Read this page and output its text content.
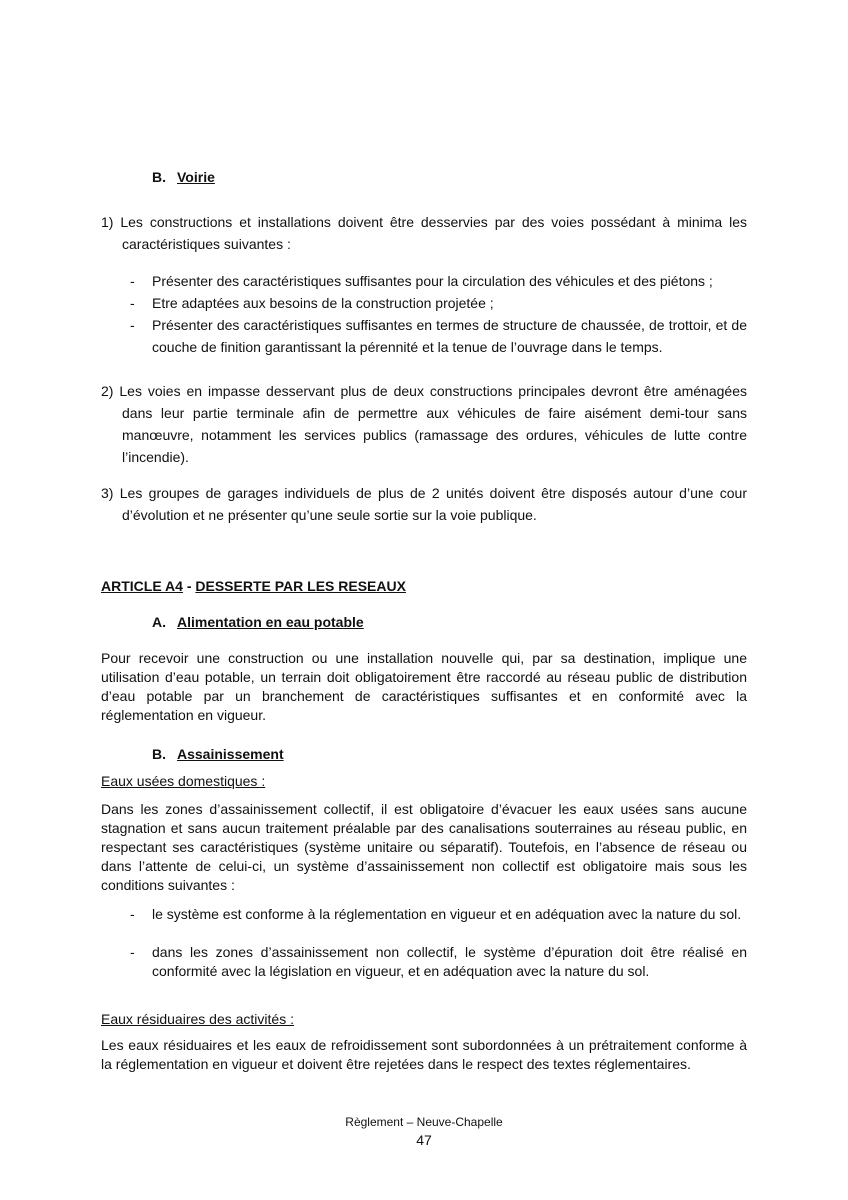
B. Voirie
1) Les constructions et installations doivent être desservies par des voies possédant à minima les caractéristiques suivantes :
- Présenter des caractéristiques suffisantes pour la circulation des véhicules et des piétons ;
- Etre adaptées aux besoins de la construction projetée ;
- Présenter des caractéristiques suffisantes en termes de structure de chaussée, de trottoir, et de couche de finition garantissant la pérennité et la tenue de l’ouvrage dans le temps.
2) Les voies en impasse desservant plus de deux constructions principales devront être aménagées dans leur partie terminale afin de permettre aux véhicules de faire aisément demi-tour sans manœuvre, notamment les services publics (ramassage des ordures, véhicules de lutte contre l’incendie).
3) Les groupes de garages individuels de plus de 2 unités doivent être disposés autour d’une cour d’évolution et ne présenter qu’une seule sortie sur la voie publique.
ARTICLE A4 - DESSERTE PAR LES RESEAUX
A. Alimentation en eau potable
Pour recevoir une construction ou une installation nouvelle qui, par sa destination, implique une utilisation d’eau potable, un terrain doit obligatoirement être raccordé au réseau public de distribution d’eau potable par un branchement de caractéristiques suffisantes et en conformité avec la réglementation en vigueur.
B. Assainissement
Eaux usées domestiques :
Dans les zones d’assainissement collectif, il est obligatoire d’évacuer les eaux usées sans aucune stagnation et sans aucun traitement préalable par des canalisations souterraines au réseau public, en respectant ses caractéristiques (système unitaire ou séparatif). Toutefois, en l’absence de réseau ou dans l’attente de celui-ci, un système d’assainissement non collectif est obligatoire mais sous les conditions suivantes :
- le système est conforme à la réglementation en vigueur et en adéquation avec la nature du sol.
- dans les zones d’assainissement non collectif, le système d’épuration doit être réalisé en conformité avec la législation en vigueur, et en adéquation avec la nature du sol.
Eaux résiduaires des activités :
Les eaux résiduaires et les eaux de refroidissement sont subordonnées à un prétraitement conforme à la réglementation en vigueur et doivent être rejetées dans le respect des textes réglementaires.
Règlement – Neuve-Chapelle
47
